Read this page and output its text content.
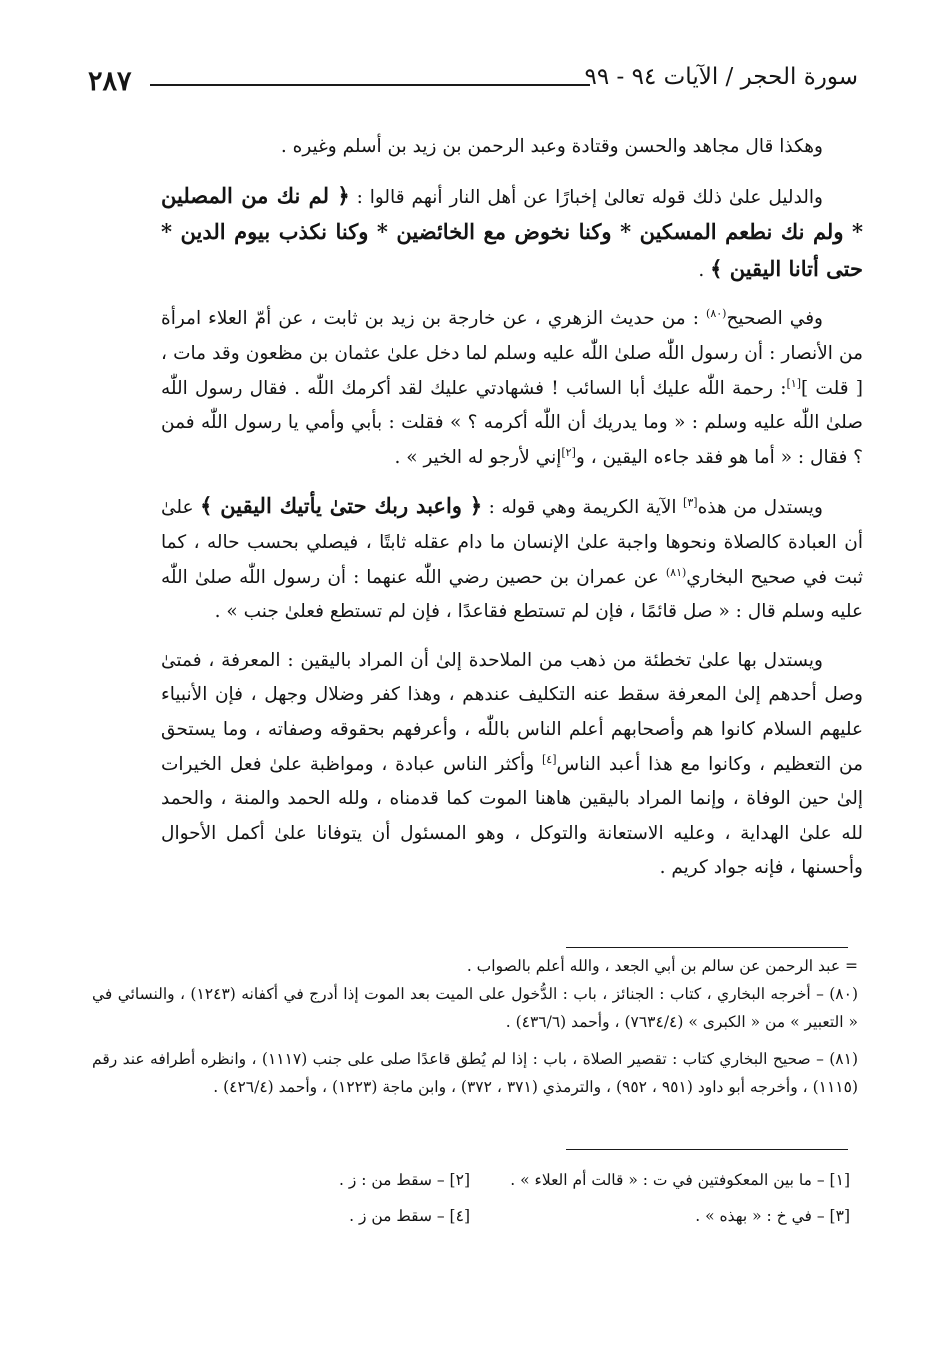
٢٨٧	سورة الحجر / الآيات ٩٤ - ٩٩

وهكذا قال مجاهد والحسن وقتادة وعبد الرحمن بن زيد بن أسلم وغيره .

والدليل علىٰ ذلك قوله تعالىٰ إخبارًا عن أهل النار أنهم قالوا : ﴿ لم نك من المصلين * ولم نك نطعم المسكين * وكنا نخوض مع الخائضين * وكنا نكذب بيوم الدين * حتى أتانا اليقين ﴾ .

وفي الصحيح$^{(٨٠)}$ : من حديث الزهري ، عن خارجة بن زيد بن ثابت ، عن أمّ العلاء امرأة من الأنصار : أن رسول اللّٰه صلىٰ اللّٰه عليه وسلم لما دخل علىٰ عثمان بن مظعون وقد مات ، [ قلت ][١]: رحمة اللّٰه عليك أبا السائب ! فشهادتي عليك لقد أكرمك اللّٰه . فقال رسول اللّٰه صلىٰ اللّٰه عليه وسلم : « وما يدريك أن اللّٰه أكرمه ؟ » فقلت : بأبي وأمي يا رسول اللّٰه فمن ؟ فقال : « أما هو فقد جاءه اليقين ، و[٢]إني لأرجو له الخير » .

ويستدل من هذه[٣] الآية الكريمة وهي قوله : ﴿ واعبد ربك حتىٰ يأتيك اليقين ﴾ علىٰ أن العبادة كالصلاة ونحوها واجبة علىٰ الإنسان ما دام عقله ثابتًا ، فيصلي بحسب حاله ، كما ثبت في صحيح البخاري$^{(٨١)}$ عن عمران بن حصين رضي اللّٰه عنهما : أن رسول اللّٰه صلىٰ اللّٰه عليه وسلم قال : « صل قائمًا ، فإن لم تستطع فقاعدًا ، فإن لم تستطع فعلىٰ جنب » .

ويستدل بها علىٰ تخطئة من ذهب من الملاحدة إلىٰ أن المراد باليقين : المعرفة ، فمتىٰ وصل أحدهم إلىٰ المعرفة سقط عنه التكليف عندهم ، وهذا كفر وضلال وجهل ، فإن الأنبياء عليهم السلام كانوا هم وأصحابهم أعلم الناس باللّٰه ، وأعرفهم بحقوقه وصفاته ، وما يستحق من التعظيم ، وكانوا مع هذا أعبد الناس[٤] وأكثر الناس عبادة ، ومواظبة علىٰ فعل الخيرات إلىٰ حين الوفاة ، وإنما المراد باليقين هاهنا الموت كما قدمناه ، ولله الحمد والمنة ، والحمد لله علىٰ الهداية ، وعليه الاستعانة والتوكل ، وهو المسئول أن يتوفانا علىٰ أكمل الأحوال وأحسنها ، فإنه جواد كريم .

= عبد الرحمن عن سالم بن أبي الجعد ، والله أعلم بالصواب .

(٨٠) – أخرجه البخاري ، كتاب : الجنائز ، باب : الدُّخول على الميت بعد الموت إذا أدرج في أكفانه (١٢٤٣) ، والنسائي في « التعبير » من « الكبرى » (٧٦٣٤/٤) ، وأحمد (٤٣٦/٦) .

(٨١) – صحيح البخاري كتاب : تقصير الصلاة ، باب : إذا لم يُطق قاعدًا صلى على جنب (١١١٧) ، وانظره أطرافه عند رقم (١١١٥) ، وأخرجه أبو داود (٩٥١ ، ٩٥٢) ، والترمذي (٣٧١ ، ٣٧٢) ، وابن ماجة (١٢٢٣) ، وأحمد (٤٢٦/٤) .

[١] – ما بين المعكوفتين في ت : « قالت أم العلاء » .
[٢] – سقط من : ز .
[٣] – في خ : « بهذه » .
[٤] – سقط من ز .
